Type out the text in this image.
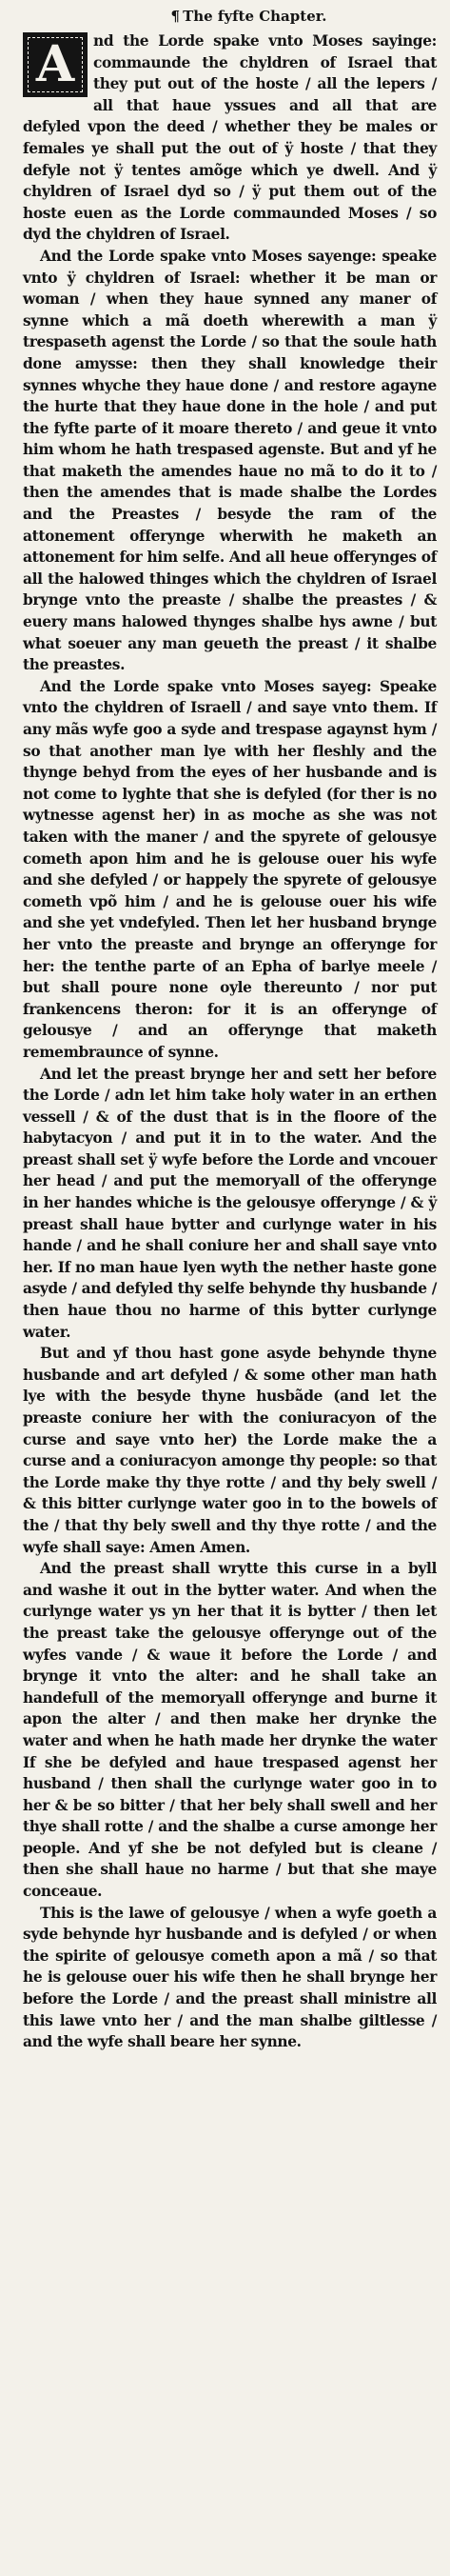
¶ The fyfte Chapter.
A	nd the Lorde spake vnto Moses sayinge: commaunde the chyldren of Israel that they put out of the hoste / all the lepers / all that haue yssues and all that are defyled vpon the deed / whether they be males or females ye shall put the out of ÿ hoste / that they defyle not ÿ tentes amõge which ye dwell. And ÿ chyldren of Israel dyd so / ÿ put them out of the hoste euen as the Lorde commaunded Moses / so dyd the chyldren of Israel.

And the Lorde spake vnto Moses sayenge: speake vnto ÿ chyldren of Israel: whether it be man or woman / when they haue synned any maner of synne which a mã doeth wherewith a man ÿ trespaseth agenst the Lorde / so that the soule hath done amysse: then they shall knowledge their synnes whyche they haue done / and restore agayne the hurte that they haue done in the hole / and put the fyfte parte of it moare thereto / and geue it vnto him whom he hath trespased agenste. But and yf he that maketh the amendes haue no mã to do it to / then the amendes that is made shalbe the Lordes and the Preastes / besyde the ram of the attonement offerynge wherwith he maketh an attonement for him selfe. And all heue offerynges of all the halowed thinges which the chyldren of Israel brynge vnto the preaste / shalbe the preastes / & euery mans halowed thynges shalbe hys awne / but what soeuer any man geueth the preast / it shalbe the preastes.

And the Lorde spake vnto Moses sayeg: Speake vnto the chyldren of Israell / and saye vnto them. If any mãs wyfe goo a syde and trespase agaynst hym / so that another man lye with her fleshly and the thynge behyd from the eyes of her husbande and is not come to lyghte that she is defyled (for ther is no wytnesse agenst her) in as moche as she was not taken with the maner / and the spyrete of gelousye cometh apon him and he is gelouse ouer his wyfe and she defyled / or happely the spyrete of gelousye cometh vpõ him / and he is gelouse ouer his wife and she yet vndefyled. Then let her husband brynge her vnto the preaste and brynge an offerynge for her: the tenthe parte of an Epha of barlye meele / but shall poure none oyle thereunto / nor put frankencens theron: for it is an offerynge of gelousye / and an offerynge that maketh remembraunce of synne.

And let the preast brynge her and sett her before the Lorde / adn let him take holy water in an erthen vessell / & of the dust that is in the floore of the habytacyon / and put it in to the water. And the preast shall set ÿ wyfe before the Lorde and vncouer her head / and put the memoryall of the offerynge in her handes whiche is the gelousye offerynge / & ÿ preast shall haue bytter and curlynge water in his hande / and he shall coniure her and shall saye vnto her. If no man haue lyen wyth the nether haste gone asyde / and defyled thy selfe behynde thy husbande / then haue thou no harme of this bytter curlynge water.

But and yf thou hast gone asyde behynde thyne husbande and art defyled / & some other man hath lye with the besyde thyne husbãde (and let the preaste coniure her with the coniuracyon of the curse and saye vnto her) the Lorde make the a curse and a coniuracyon amonge thy people: so that the Lorde make thy thye rotte / and thy bely swell / & this bitter curlynge water goo in to the bowels of the / that thy bely swell and thy thye rotte / and the wyfe shall saye: Amen Amen.

And the preast shall wrytte this curse in a byll and washe it out in the bytter water. And when the curlynge water ys yn her that it is bytter / then let the preast take the gelousye offerynge out of the wyfes vande / & waue it before the Lorde / and brynge it vnto the alter: and he shall take an handefull of the memoryall offerynge and burne it apon the alter / and then make her drynke the water and when he hath made her drynke the water If she be defyled and haue trespased agenst her husband / then shall the curlynge water goo in to her & be so bitter / that her bely shall swell and her thye shall rotte / and the shalbe a curse amonge her people. And yf she be not defyled but is cleane / then she shall haue no harme / but that she maye conceaue.

This is the lawe of gelousye / when a wyfe goeth a syde behynde hyr husbande and is defyled / or when the spirite of gelousye cometh apon a mã / so that he is gelouse ouer his wife then he shall brynge her before the Lorde / and the preast shall ministre all this lawe vnto her / and the man shalbe giltlesse / and the wyfe shall beare her synne.
